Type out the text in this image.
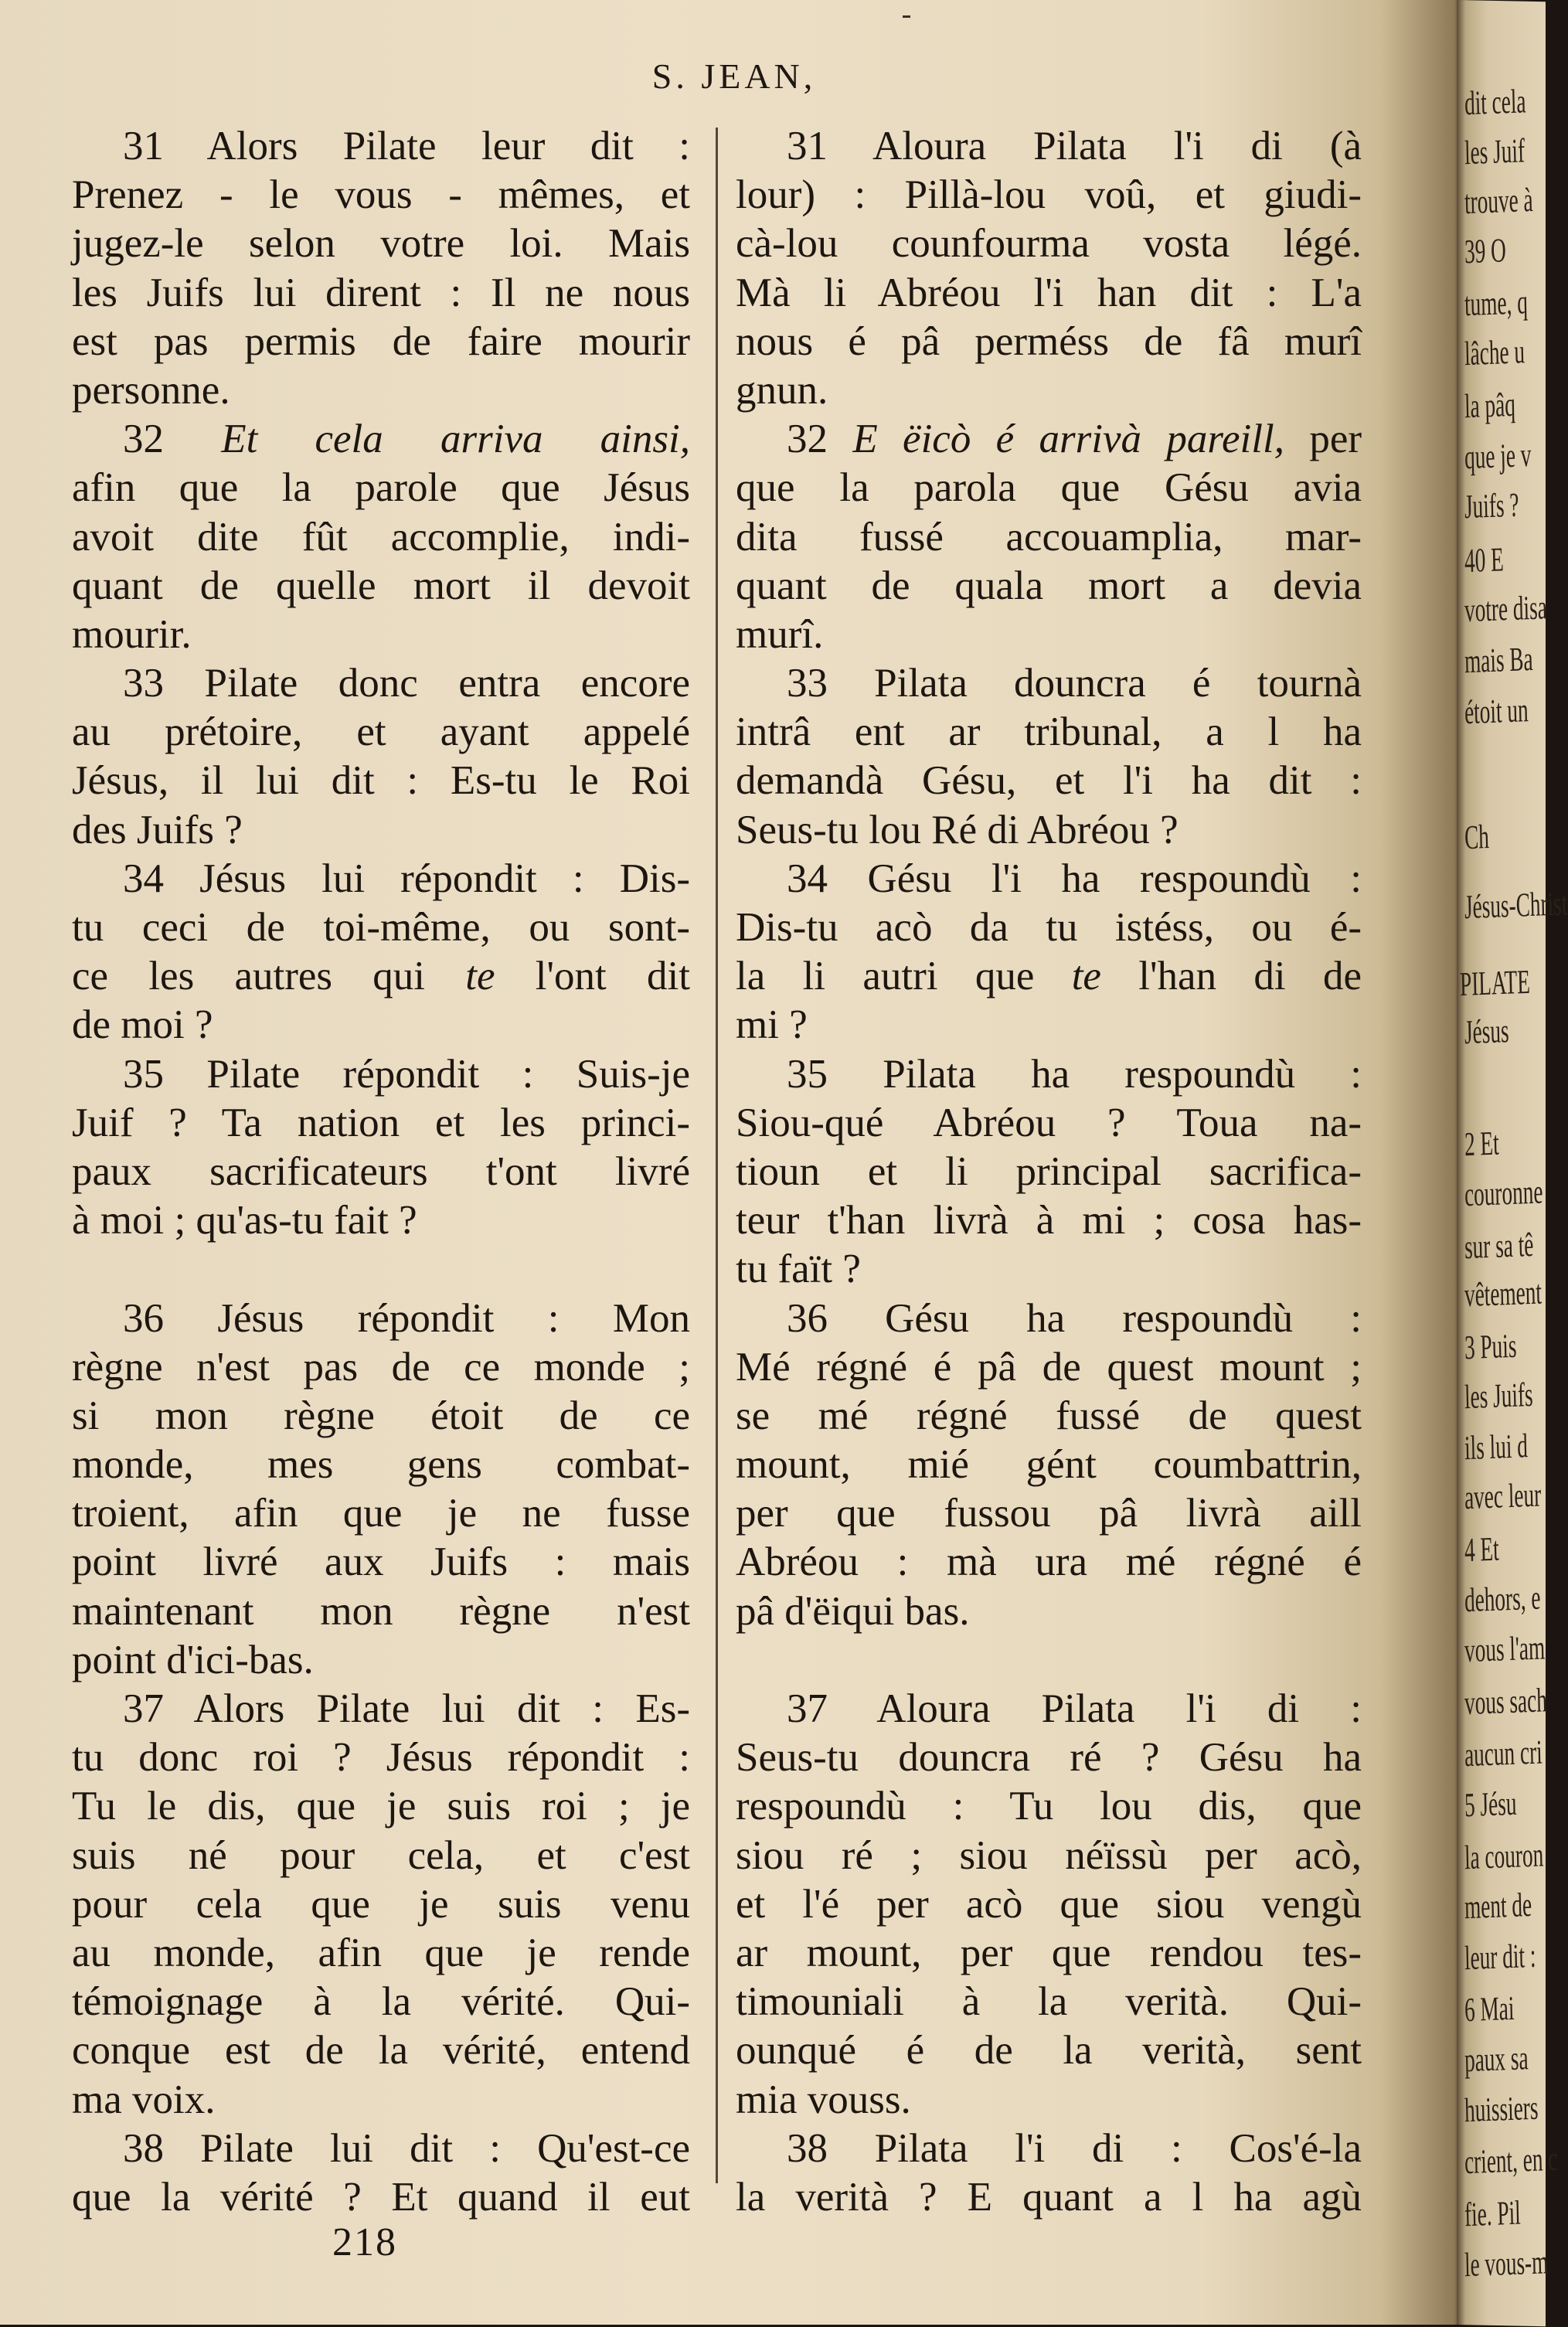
S. JEAN,
31 Alors Pilate leur dit :
Prenez - le vous - mêmes, et
jugez-le selon votre loi. Mais
les Juifs lui dirent : Il ne nous
est pas permis de faire mourir
personne.
32 Et cela arriva ainsi,
afin que la parole que Jésus
avoit dite fût accomplie, indi-
quant de quelle mort il devoit
mourir.
33 Pilate donc entra encore
au prétoire, et ayant appelé
Jésus, il lui dit : Es-tu le Roi
des Juifs ?
34 Jésus lui répondit : Dis-
tu ceci de toi-même, ou sont-
ce les autres qui te l'ont dit
de moi ?
35 Pilate répondit : Suis-je
Juif ? Ta nation et les princi-
paux sacrificateurs t'ont livré
à moi ; qu'as-tu fait ?
36 Jésus répondit : Mon
règne n'est pas de ce monde ;
si mon règne étoit de ce
monde, mes gens combat-
troient, afin que je ne fusse
point livré aux Juifs : mais
maintenant mon règne n'est
point d'ici-bas.
37 Alors Pilate lui dit : Es-
tu donc roi ? Jésus répondit :
Tu le dis, que je suis roi ; je
suis né pour cela, et c'est
pour cela que je suis venu
au monde, afin que je rende
témoignage à la vérité. Qui-
conque est de la vérité, entend
ma voix.
38 Pilate lui dit : Qu'est-ce
que la vérité ? Et quand il eut
31 Aloura Pilata l'i di (à
lour) : Pillà-lou voû, et giudi-
cà-lou counfourma vosta légé.
Mà li Abréou l'i han dit : L'a
nous é pâ perméss de fâ murî
gnun.
32 E ëicò é arrivà pareill, per
que la parola que Gésu avia
dita fussé accouamplia, mar-
quant de quala mort a devia
murî.
33 Pilata douncra é tournà
intrâ ent ar tribunal, a l ha
demandà Gésu, et l'i ha dit :
Seus-tu lou Ré di Abréou ?
34 Gésu l'i ha respoundù :
Dis-tu acò da tu istéss, ou é-
la li autri que te l'han di de
mi ?
35 Pilata ha respoundù :
Siou-qué Abréou ? Toua na-
tioun et li principal sacrifica-
teur t'han livrà à mi ; cosa has-
tu faït ?
36 Gésu ha respoundù :
Mé régné é pâ de quest mount ;
se mé régné fussé de quest
mount, mié gént coumbattrin,
per que fussou pâ livrà aill
Abréou : mà ura mé régné é
pâ d'ëiqui bas.
37 Aloura Pilata l'i di :
Seus-tu douncra ré ? Gésu ha
respoundù : Tu lou dis, que
siou ré ; siou néïssù per acò,
et l'é per acò que siou vengù
ar mount, per que rendou tes-
timouniali à la verità. Qui-
ounqué é de la verità, sent
mia vouss.
38 Pilata l'i di : Cos'é-la
la verità ? E quant a l ha agù
218
dit cela
les Juif
trouve à
39 O
tume, q
lâche u
la pâq
que je v
Juifs ?
40 E
votre disa
mais Ba
étoit un
Ch
Jésus-Christ
PILATE
Jésus
2 Et
couronne
sur sa tê
vêtement
3 Puis
les Juifs
ils lui d
avec leur
4 Et
dehors, e
vous l'am
vous sach
aucun cri
5 Jésu
la couron
ment de
leur dit :
6 Mai
paux sa
huissiers
crient, en c
fie. Pil
le vous-m
